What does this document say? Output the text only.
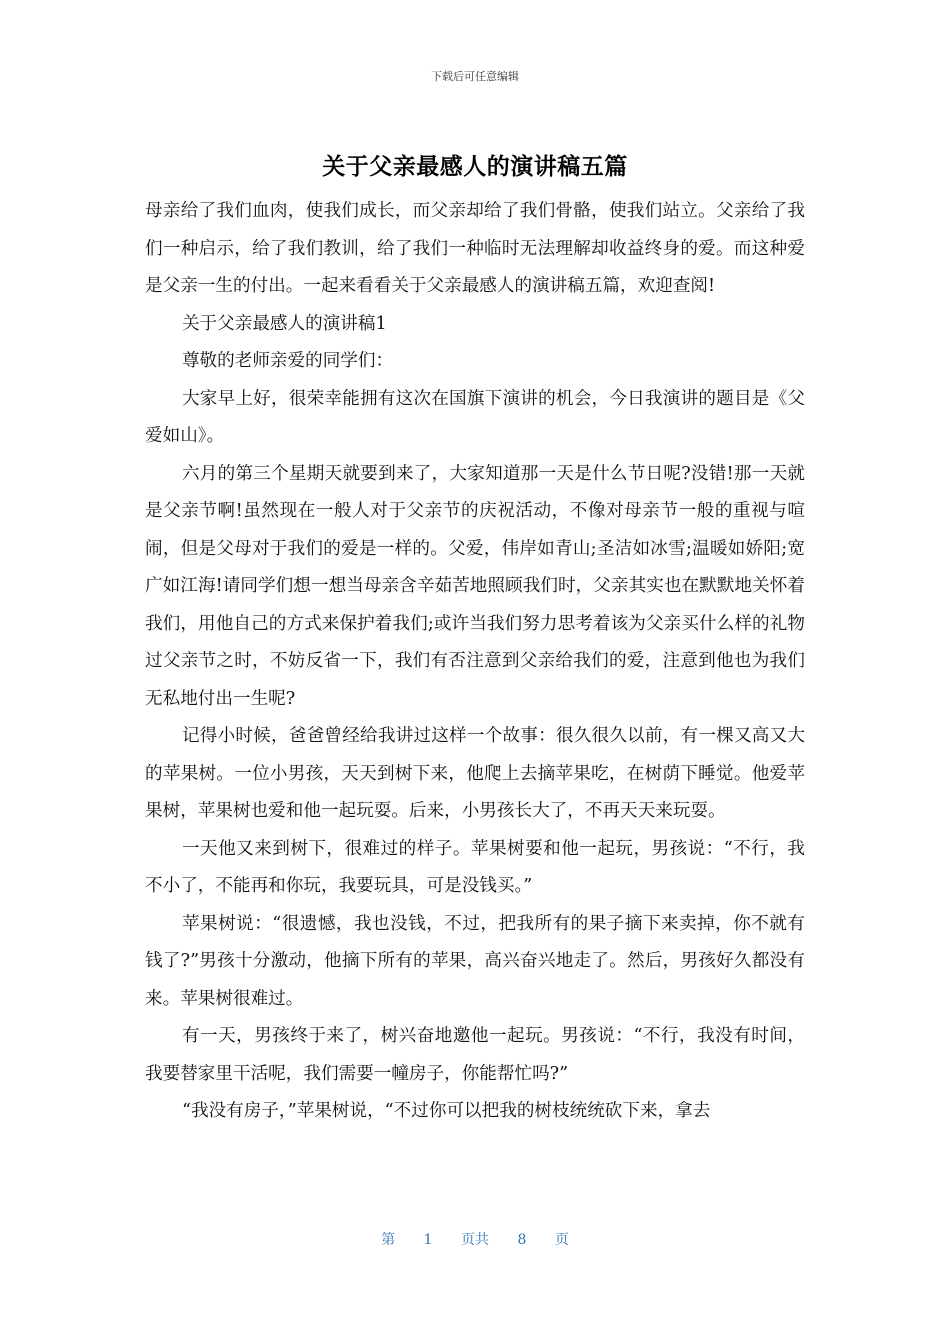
下载后可任意编辑
关于父亲最感人的演讲稿五篇

母亲给了我们血肉，使我们成长，而父亲却给了我们骨骼，使我们站立。父亲给了我们一种启示，给了我们教训，给了我们一种临时无法理解却收益终身的爱。而这种爱是父亲一生的付出。一起来看看关于父亲最感人的演讲稿五篇，欢迎查阅!

关于父亲最感人的演讲稿1

尊敬的老师亲爱的同学们：

大家早上好，很荣幸能拥有这次在国旗下演讲的机会，今日我演讲的题目是《父爱如山》。

六月的第三个星期天就要到来了，大家知道那一天是什么节日呢?没错!那一天就是父亲节啊!虽然现在一般人对于父亲节的庆祝活动，不像对母亲节一般的重视与喧闹，但是父母对于我们的爱是一样的。父爱，伟岸如青山;圣洁如冰雪;温暖如娇阳;宽广如江海!请同学们想一想当母亲含辛茹苦地照顾我们时，父亲其实也在默默地关怀着我们，用他自己的方式来保护着我们;或许当我们努力思考着该为父亲买什么样的礼物过父亲节之时，不妨反省一下，我们有否注意到父亲给我们的爱，注意到他也为我们无私地付出一生呢?

记得小时候，爸爸曾经给我讲过这样一个故事：很久很久以前，有一棵又高又大的苹果树。一位小男孩，天天到树下来，他爬上去摘苹果吃，在树荫下睡觉。他爱苹果树，苹果树也爱和他一起玩耍。后来，小男孩长大了，不再天天来玩耍。

一天他又来到树下，很难过的样子。苹果树要和他一起玩，男孩说：“不行，我不小了，不能再和你玩，我要玩具，可是没钱买。”

苹果树说：“很遗憾，我也没钱，不过，把我所有的果子摘下来卖掉，你不就有钱了?”男孩十分激动，他摘下所有的苹果，高兴奋兴地走了。然后，男孩好久都没有来。苹果树很难过。

有一天，男孩终于来了，树兴奋地邀他一起玩。男孩说：“不行，我没有时间，我要替家里干活呢，我们需要一幢房子，你能帮忙吗?”

“我没有房子，”苹果树说，“不过你可以把我的树枝统统砍下来，拿去

第 1 页共 8 页
